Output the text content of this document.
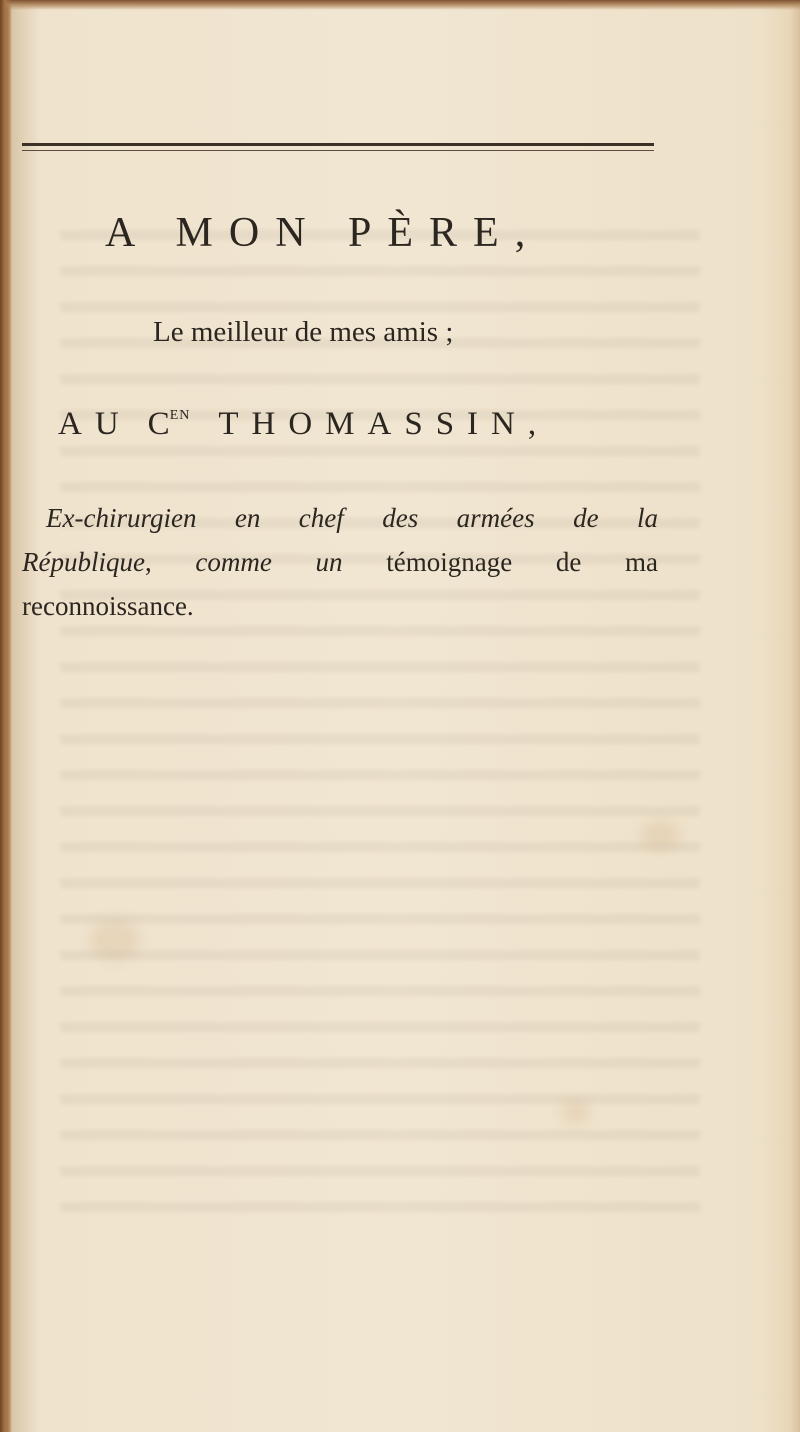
A MON PÈRE,
Le meilleur de mes amis ;
AU $C^{EN}$ THOMASSIN,
Ex-chirurgien en chef des armées de la
République, comme un témoignage de ma
reconnoissance.
